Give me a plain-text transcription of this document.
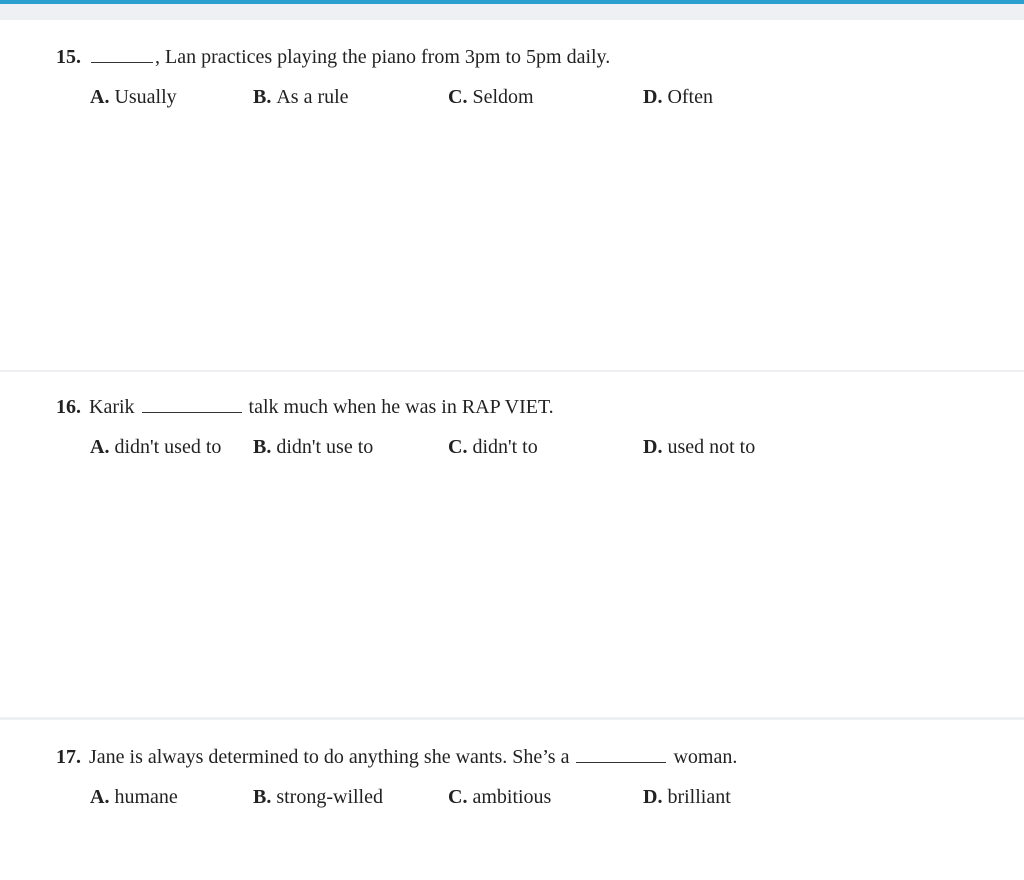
15.	, Lan practices playing the piano from 3pm to 5pm daily.
A. Usually	B. As a rule	C. Seldom	D. Often
16. Karik	talk much when he was in RAP VIET.
A. didn't used to B. didn't use to	C. didn't to	D. used not to
17. Jane is always determined to do anything she wants. She’s a	woman.
A. humane	B. strong-willed	C. ambitious	D. brilliant
